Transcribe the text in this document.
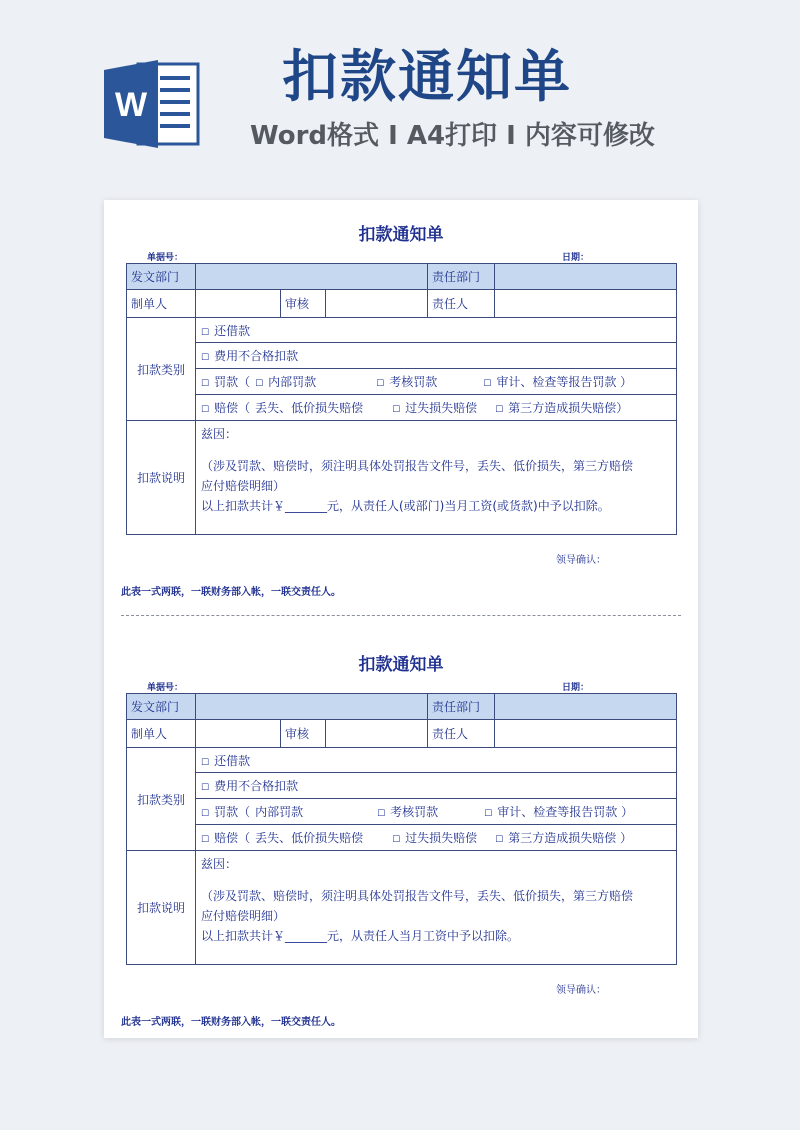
W 扣款通知单
Word格式 I A4打印 I 内容可修改
扣款通知单
单据号：	日期：
发文部门				责任部门	
制单人		审核		责任人	
扣款类别	☐ 还借款				
	☐ 费用不合格扣款				
	☐ 罚款（ ☐ 内部罚款 ☐ 考核罚款 ☐ 审计、检查等报告罚款 ）				
	☐ 赔偿（ 丢失、低价损失赔偿 ☐ 过失损失赔偿 ☐ 第三方造成损失赔偿）				
扣款说明	兹因：
（涉及罚款、赔偿时，须注明具体处罚报告文件号，丢失、低价损失，第三方赔偿
应付赔偿明细）
以上扣款共计￥_______元，从责任人(或部门)当月工资(或货款)中予以扣除。				
领导确认：
此表一式两联，一联财务部入帐，一联交责任人。
扣款通知单
单据号：	日期：
发文部门				责任部门	
制单人		审核		责任人	
扣款类别	☐ 还借款				
	☐ 费用不合格扣款				
	☐ 罚款（ 内部罚款 ☐ 考核罚款 ☐ 审计、检查等报告罚款 ）				
	☐ 赔偿（ 丢失、低价损失赔偿 ☐ 过失损失赔偿 ☐ 第三方造成损失赔偿 ）				
扣款说明	兹因：
（涉及罚款、赔偿时，须注明具体处罚报告文件号，丢失、低价损失，第三方赔偿
应付赔偿明细）
以上扣款共计￥_______元，从责任人当月工资中予以扣除。				
领导确认：
此表一式两联，一联财务部入帐，一联交责任人。
